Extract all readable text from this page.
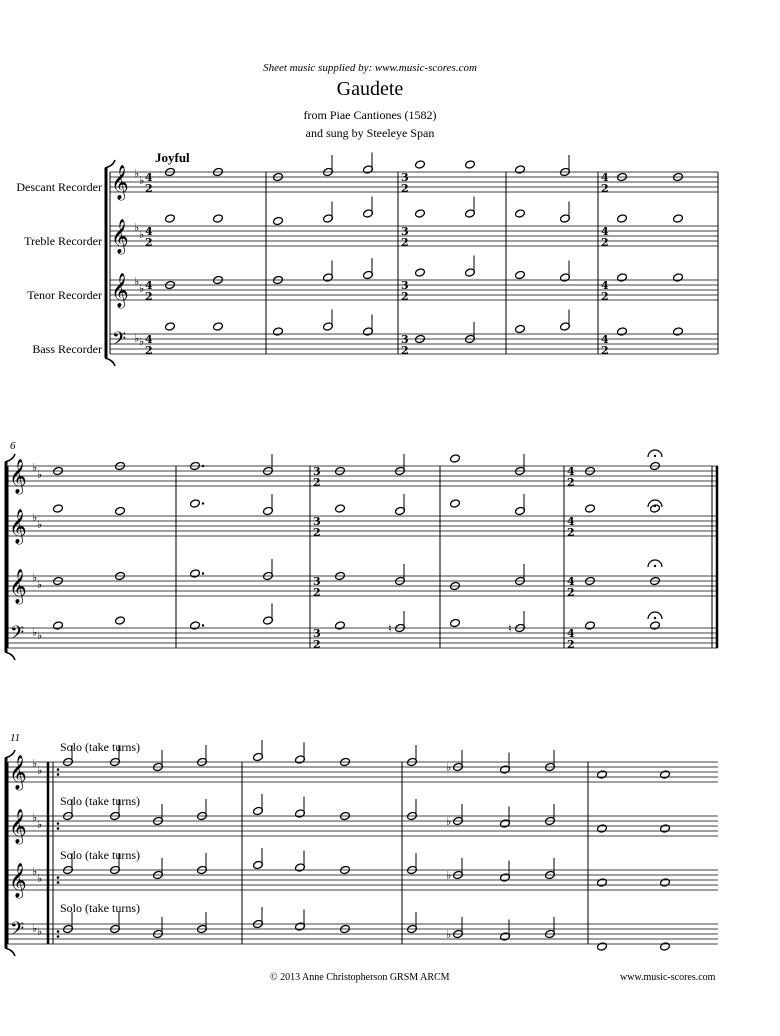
Sheet music supplied by: www.music-scores.com
Gaudete
from Piae Cantiones (1582)
and sung by Steeleye Span
Joyful
Descant Recorder
Treble Recorder
Tenor Recorder
Bass Recorder
6
11
Solo (take turns)
Solo (take turns)
Solo (take turns)
Solo (take turns)
𝄞 ♭
♭
𝄞 ♭
♭
𝄞 ♭
♭
𝄢 ♭ ♭
4
2
3
2
4
2
4
2
3
2
4
2
4
2
3
2
4
2
4
2
3
2
4
2
𝄞 ♭
♭
𝄞 ♭
♭
𝄞 ♭
♭
𝄢 ♭ ♭
3
2
4
2
3
2
4
2
3
2
4
2
3
2
4
2
𝄞 ♭
♭
𝄞 ♭
♭
𝄞 ♭
♭
𝄢 ♭ ♭
♭
♭
♭
♭
♮	♮
© 2013 Anne Christopherson GRSM ARCM	www.music-scores.com
